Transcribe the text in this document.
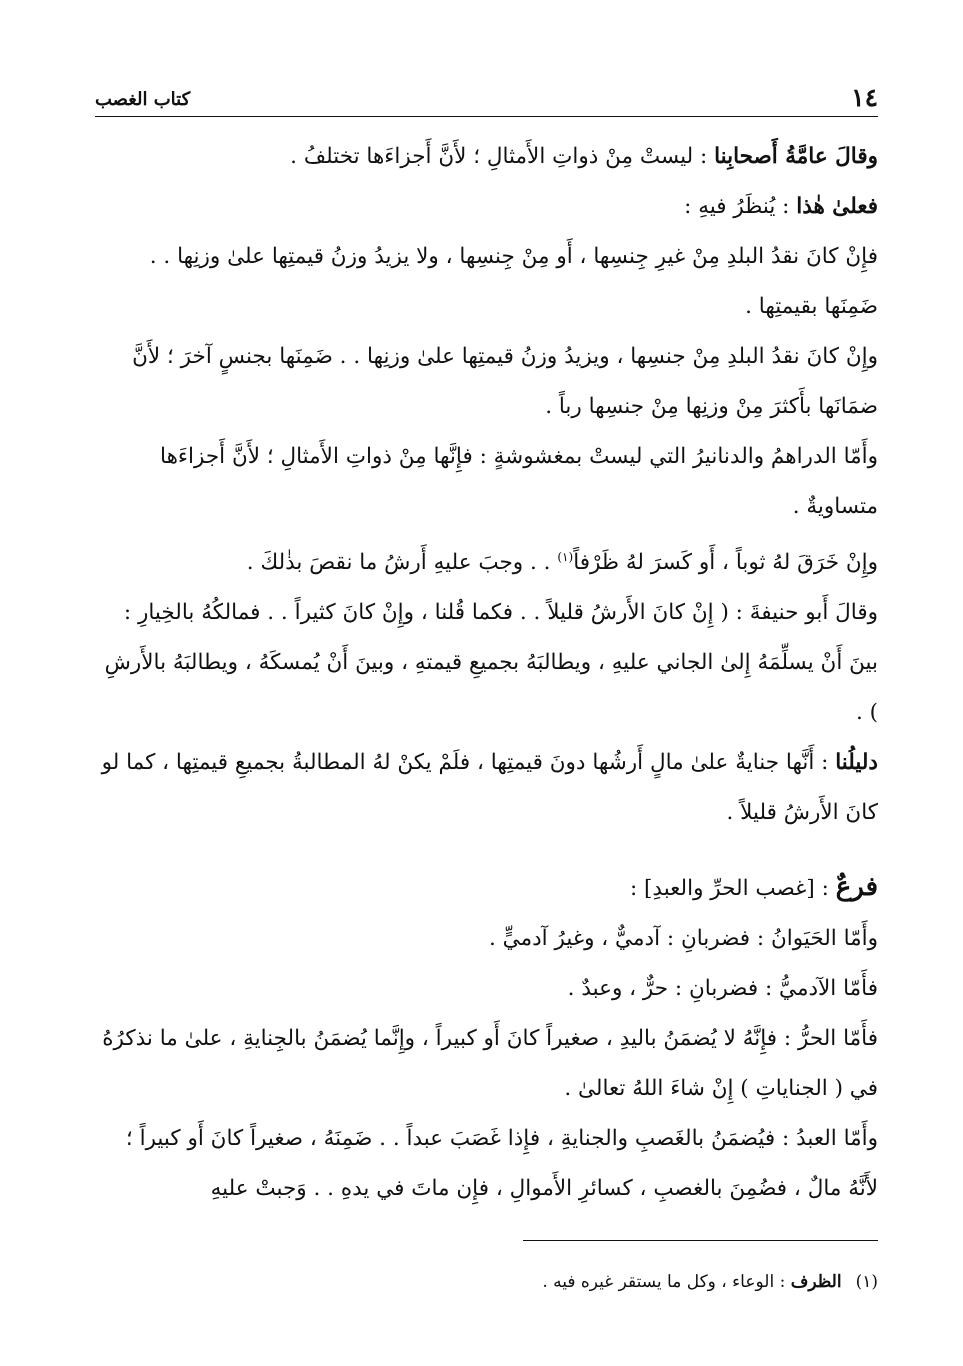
١٤
كتاب الغصب

وقالَ عامَّةُ أَصحابِنا : ليستْ مِنْ ذواتِ الأَمثالِ ؛ لأَنَّ أَجزاءَها تختلفُ .

فعلىٰ هٰذا : يُنظَرُ فيهِ :

فإِنْ كانَ نقدُ البلدِ مِنْ غيرِ جِنسِها ، أَو مِنْ جِنسِها ، ولا يزيدُ وزنُ قيمتِها علىٰ وزنِها . . ضَمِنَها بقيمتِها .

وإِنْ كانَ نقدُ البلدِ مِنْ جنسِها ، ويزيدُ وزنُ قيمتِها علىٰ وزنِها . . ضَمِنَها بجنسٍ آخرَ ؛ لأَنَّ ضمَانَها بأَكثرَ مِنْ وزنِها مِنْ جنسِها رباً .

وأَمّا الدراهمُ والدنانيرُ التي ليستْ بمغشوشةٍ : فإِنَّها مِنْ ذواتِ الأَمثالِ ؛ لأَنَّ أَجزاءَها متساويةٌ .

وإِنْ خَرَقَ لهُ ثوباً ، أَو كَسرَ لهُ ظَرْفاً$^{(١)}$ . . وجبَ عليهِ أَرشُ ما نقصَ بذٰلكَ .

وقالَ أَبو حنيفةَ : ( إِنْ كانَ الأَرشُ قليلاً . . فكما قُلنا ، وإِنْ كانَ كثيراً . . فمالكُهُ بالخِيارِ : بينَ أَنْ يسلِّمَهُ إِلىٰ الجاني عليهِ ، ويطالبَهُ بجميعِ قيمتهِ ، وبينَ أَنْ يُمسكَهُ ، ويطالبَهُ بالأَرشِ ) .

دليلُنا : أَنَّها جنايةٌ علىٰ مالٍ أَرشُها دونَ قيمتِها ، فلَمْ يكنْ لهُ المطالبةُ بجميعِ قيمتِها ، كما لو كانَ الأَرشُ قليلاً .

فرعٌ : [غصب الحرِّ والعبدِ] :

وأَمّا الحَيَوانُ : فضربانِ : آدميٌّ ، وغيرُ آدميٍّ .

فأَمّا الآدميُّ : فضربانِ : حرٌّ ، وعبدٌ .

فأَمّا الحرُّ : فإِنَّهُ لا يُضمَنُ باليدِ ، صغيراً كانَ أَو كبيراً ، وإِنَّما يُضمَنُ بالجِنايةِ ، علىٰ ما نذكرُهُ في ( الجناياتِ ) إِنْ شاءَ اللهُ تعالىٰ .

وأَمّا العبدُ : فيُضمَنُ بالغَصبِ والجنايةِ ، فإِذا غَصَبَ عبداً . . ضَمِنَهُ ، صغيراً كانَ أَو كبيراً ؛ لأَنَّهُ مالٌ ، فضُمِنَ بالغصبِ ، كسائرِ الأَموالِ ، فإِن ماتَ في يدهِ . . وَجبتْ عليهِ

(١)الظرف : الوعاء ، وكل ما يستقر غيره فيه .
